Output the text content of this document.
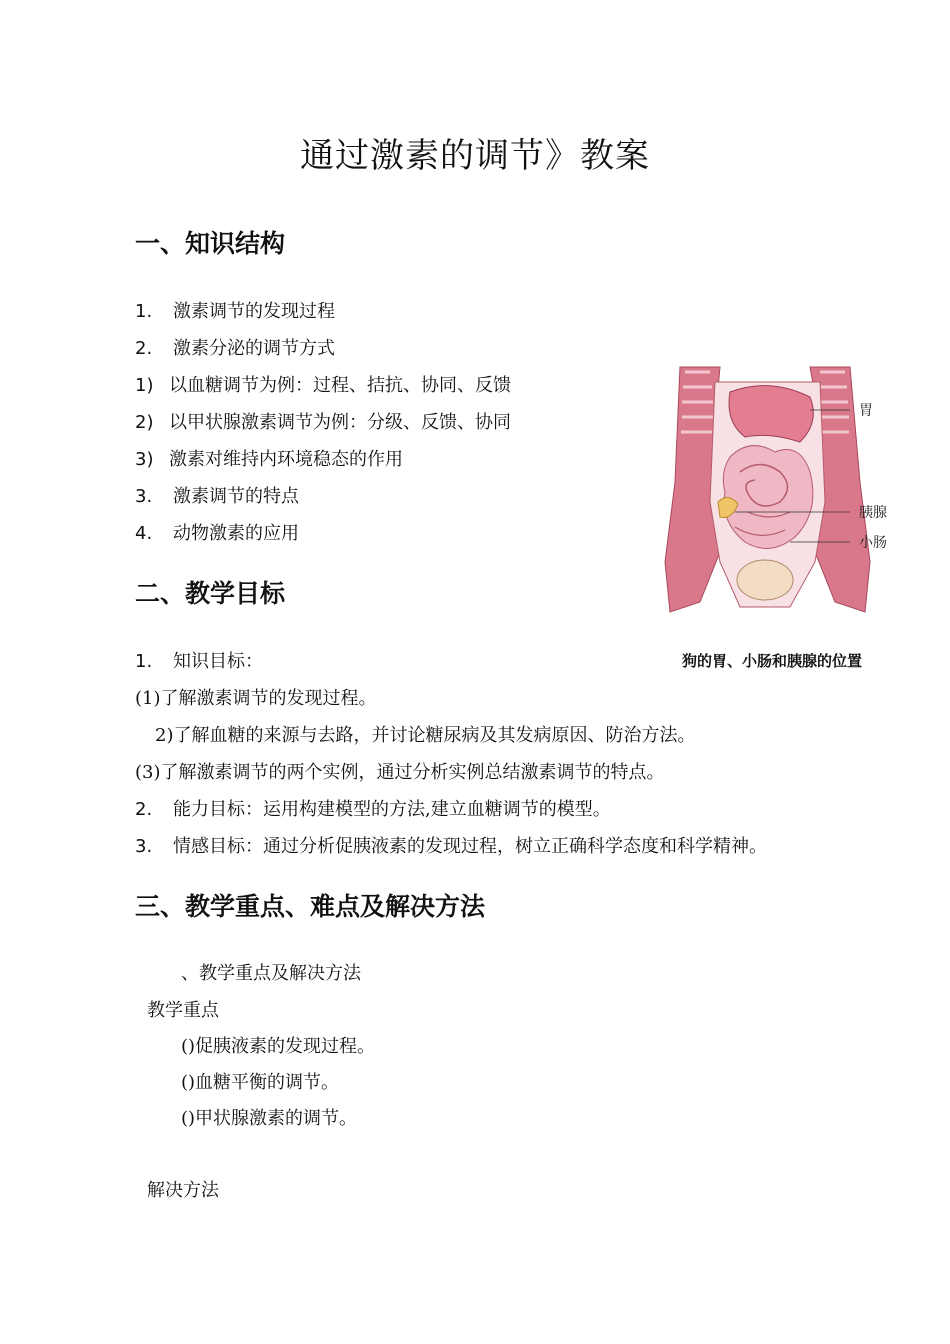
通过激素的调节》教案
一、知识结构
1. 激素调节的发现过程
2. 激素分泌的调节方式
1) 以血糖调节为例：过程、拮抗、协同、反馈
2) 以甲状腺激素调节为例：分级、反馈、协同
3) 激素对维持内环境稳态的作用
3. 激素调节的特点
4. 动物激素的应用
二、教学目标
1. 知识目标：
(1)了解激素调节的发现过程。
2)了解血糖的来源与去路，并讨论糖尿病及其发病原因、防治方法。
(3)了解激素调节的两个实例，通过分析实例总结激素调节的特点。
2. 能力目标：运用构建模型的方法,建立血糖调节的模型。
3. 情感目标：通过分析促胰液素的发现过程，树立正确科学态度和科学精神。
三、教学重点、难点及解决方法
、教学重点及解决方法
教学重点
()促胰液素的发现过程。
()血糖平衡的调节。
()甲状腺激素的调节。
解决方法
胃
胰腺
小肠
狗的胃、小肠和胰腺的位置
